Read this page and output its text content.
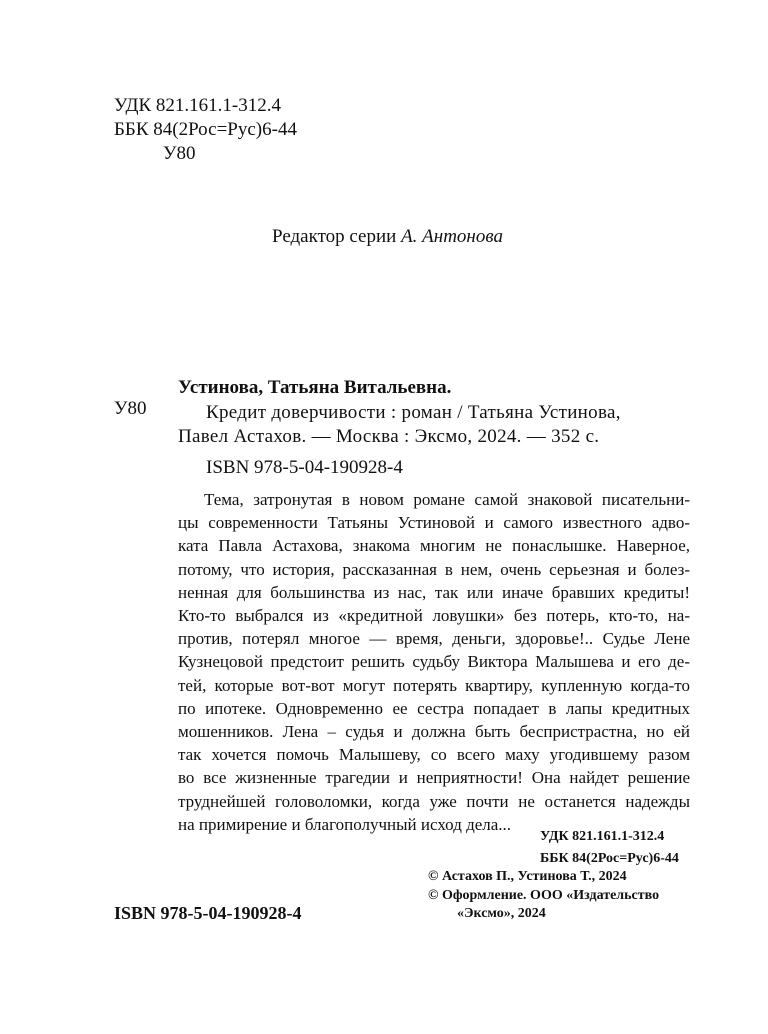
УДК 821.161.1-312.4
ББК 84(2Рос=Рус)6-44
У80
Редактор серии А. Антонова
Устинова, Татьяна Витальевна.
У80	Кредит доверчивости : роман / Татьяна Устинова,
Павел Астахов. — Москва : Эксмо, 2024. — 352 с.
ISBN 978-5-04-190928-4
Тема, затронутая в новом романе самой знаковой писательни-
цы современности Татьяны Устиновой и самого известного адво-
ката Павла Астахова, знакома многим не понаслышке. Наверное,
потому, что история, рассказанная в нем, очень серьезная и болез-
ненная для большинства из нас, так или иначе бравших кредиты!
Кто-то выбрался из «кредитной ловушки» без потерь, кто-то, на-
против, потерял многое — время, деньги, здоровье!.. Судье Лене
Кузнецовой предстоит решить судьбу Виктора Малышева и его де-
тей, которые вот-вот могут потерять квартиру, купленную когда-то
по ипотеке. Одновременно ее сестра попадает в лапы кредитных
мошенников. Лена – судья и должна быть беспристрастна, но ей
так хочется помочь Малышеву, со всего маху угодившему разом
во все жизненные трагедии и неприятности! Она найдет решение
труднейшей головоломки, когда уже почти не останется надежды
на примирение и благополучный исход дела...
УДК 821.161.1-312.4
ББК 84(2Рос=Рус)6-44
© Астахов П., Устинова Т., 2024
© Оформление. ООО «Издательство
«Эксмо», 2024
ISBN 978-5-04-190928-4
